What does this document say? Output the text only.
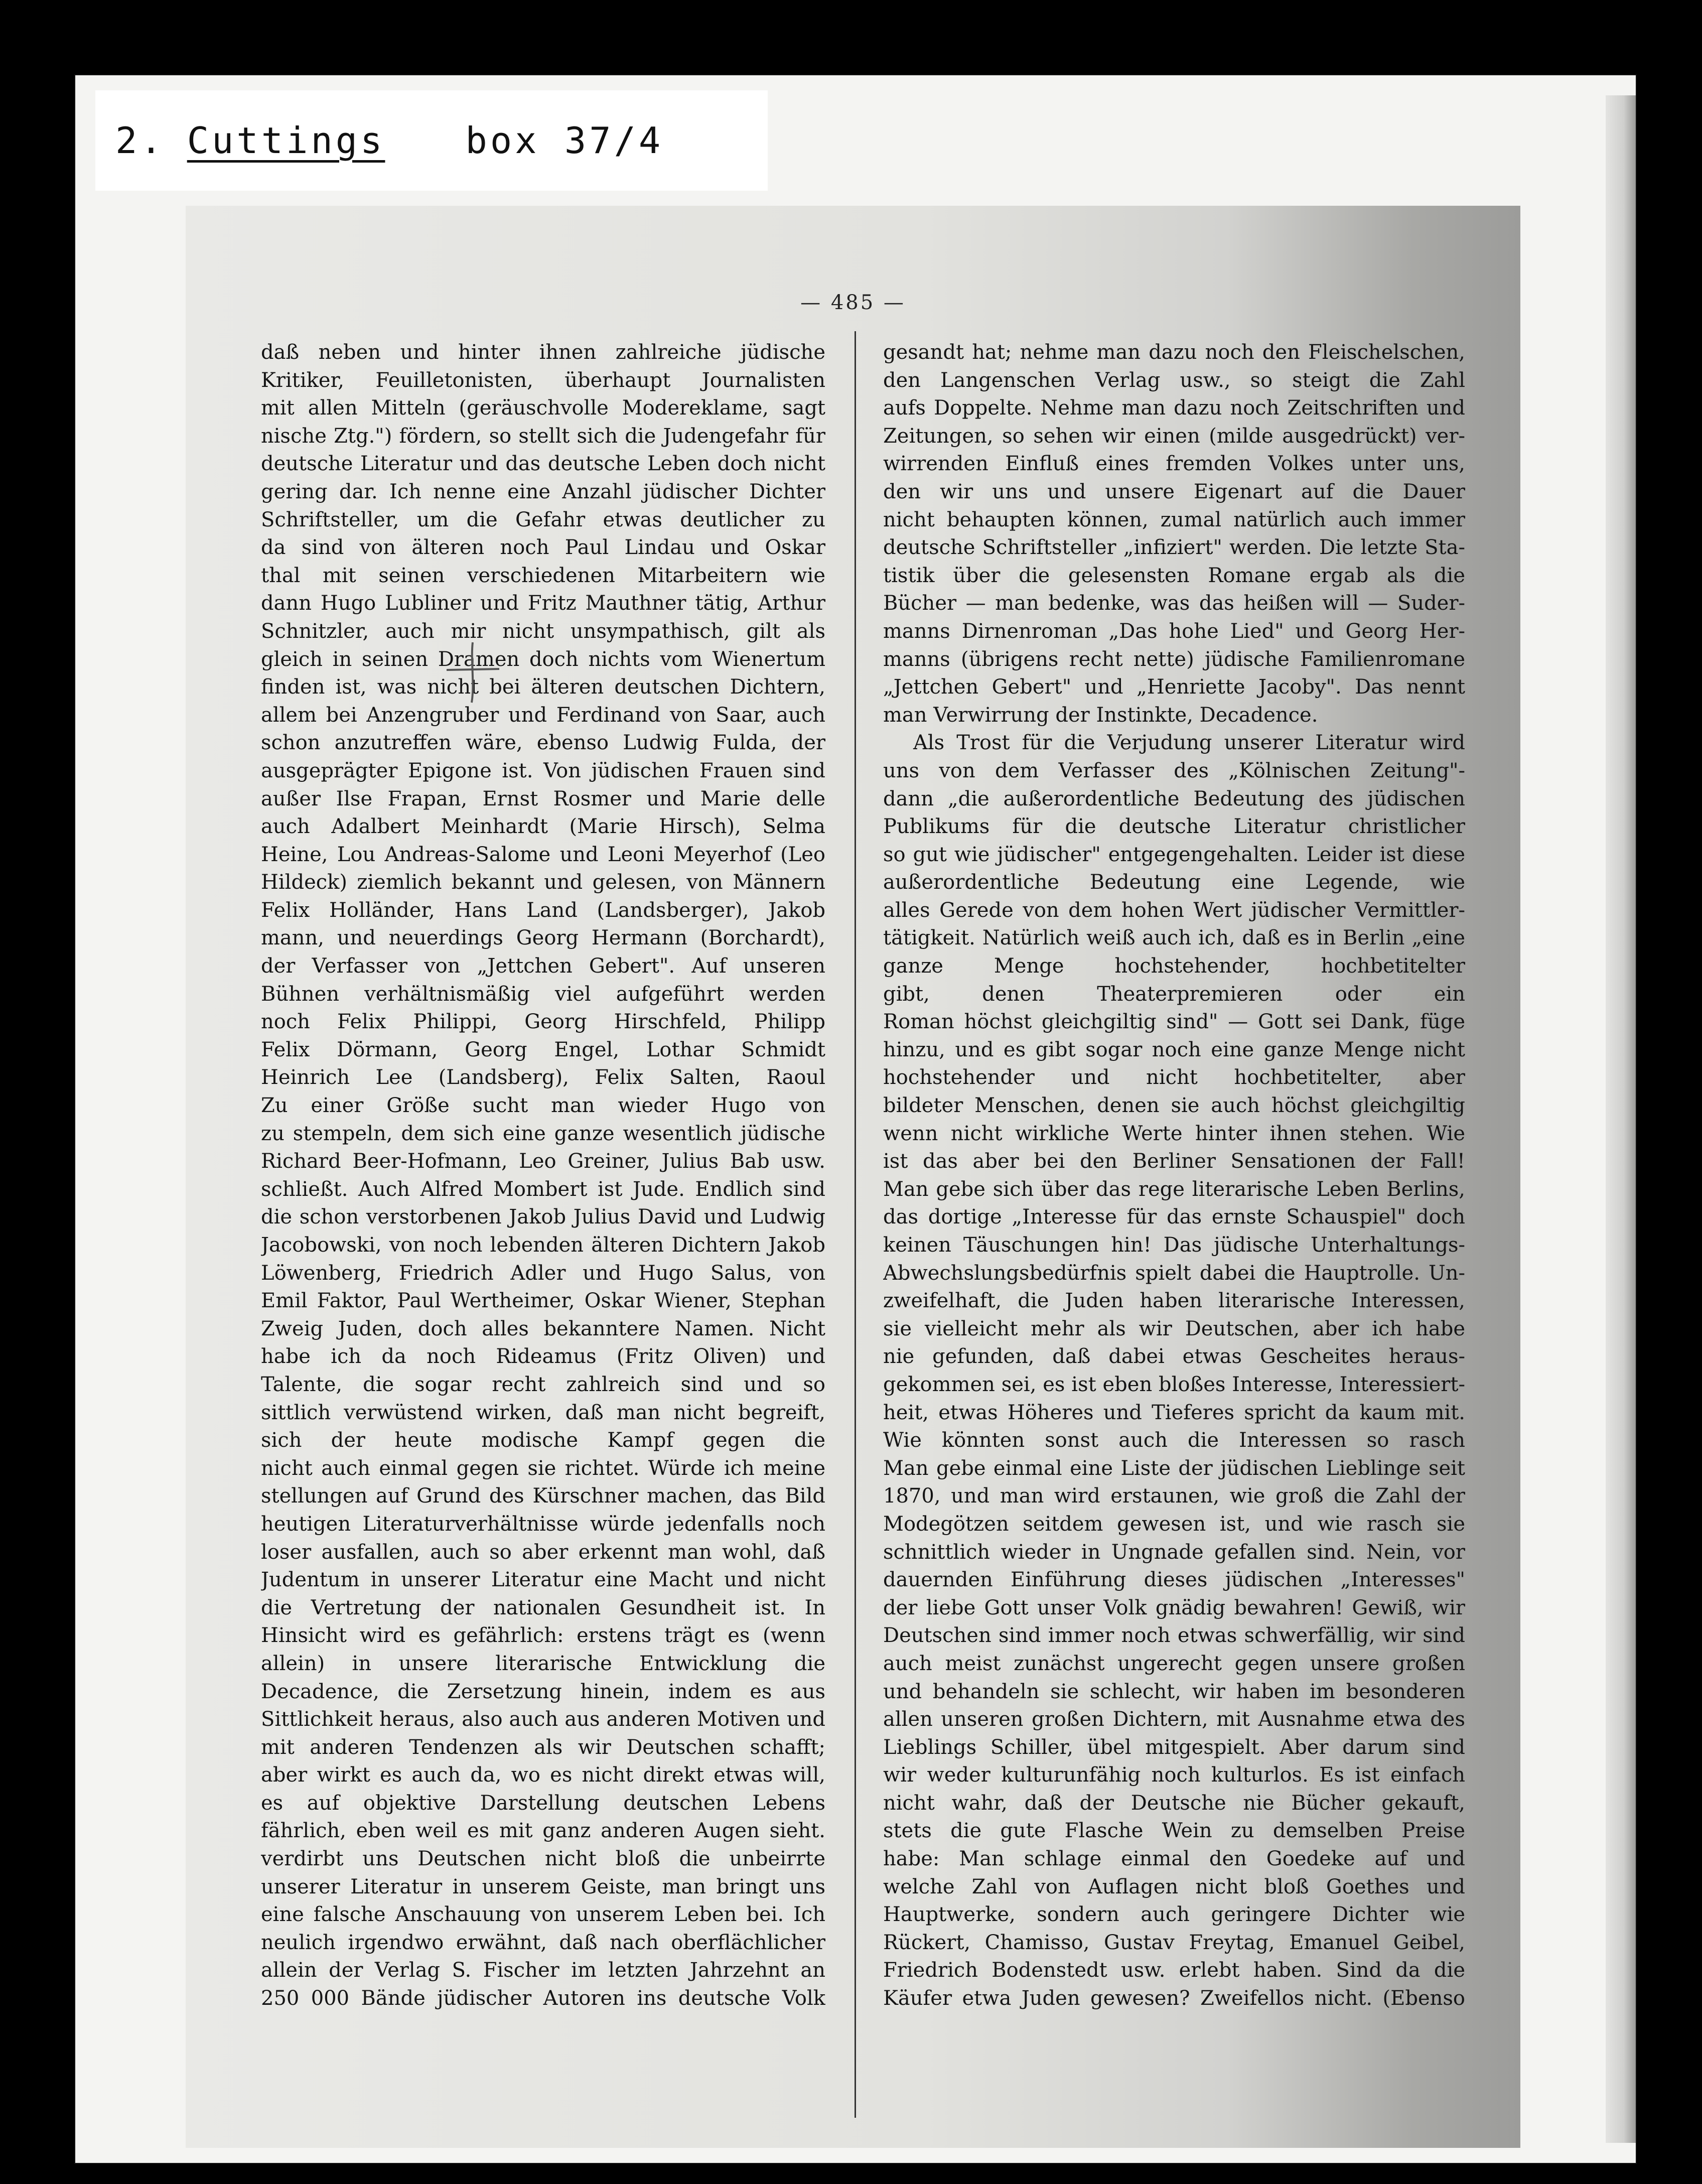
2. Cuttings box 37/4
— 485 —
daß neben und hinter ihnen zahlreiche jüdische
Kritiker, Feuilletonisten, überhaupt Journalisten
mit allen Mitteln (geräuschvolle Modereklame, sagt
nische Ztg.") fördern, so stellt sich die Judengefahr für
deutsche Literatur und das deutsche Leben doch nicht
gering dar. Ich nenne eine Anzahl jüdischer Dichter
Schriftsteller, um die Gefahr etwas deutlicher zu
da sind von älteren noch Paul Lindau und Oskar
thal mit seinen verschiedenen Mitarbeitern wie
dann Hugo Lubliner und Fritz Mauthner tätig, Arthur
Schnitzler, auch mir nicht unsympathisch, gilt als
gleich in seinen Dramen doch nichts vom Wienertum
finden ist, was nicht bei älteren deutschen Dichtern,
allem bei Anzengruber und Ferdinand von Saar, auch
schon anzutreffen wäre, ebenso Ludwig Fulda, der
ausgeprägter Epigone ist. Von jüdischen Frauen sind
außer Ilse Frapan, Ernst Rosmer und Marie delle
auch Adalbert Meinhardt (Marie Hirsch), Selma
Heine, Lou Andreas-Salome und Leoni Meyerhof (Leo
Hildeck) ziemlich bekannt und gelesen, von Männern
Felix Holländer, Hans Land (Landsberger), Jakob
mann, und neuerdings Georg Hermann (Borchardt),
der Verfasser von „Jettchen Gebert". Auf unseren
Bühnen verhältnismäßig viel aufgeführt werden
noch Felix Philippi, Georg Hirschfeld, Philipp
Felix Dörmann, Georg Engel, Lothar Schmidt
Heinrich Lee (Landsberg), Felix Salten, Raoul
Zu einer Größe sucht man wieder Hugo von
zu stempeln, dem sich eine ganze wesentlich jüdische
Richard Beer-Hofmann, Leo Greiner, Julius Bab usw.
schließt. Auch Alfred Mombert ist Jude. Endlich sind
die schon verstorbenen Jakob Julius David und Ludwig
Jacobowski, von noch lebenden älteren Dichtern Jakob
Löwenberg, Friedrich Adler und Hugo Salus, von
Emil Faktor, Paul Wertheimer, Oskar Wiener, Stephan
Zweig Juden, doch alles bekanntere Namen. Nicht
habe ich da noch Rideamus (Fritz Oliven) und
Talente, die sogar recht zahlreich sind und so
sittlich verwüstend wirken, daß man nicht begreift,
sich der heute modische Kampf gegen die
nicht auch einmal gegen sie richtet. Würde ich meine
stellungen auf Grund des Kürschner machen, das Bild
heutigen Literaturverhältnisse würde jedenfalls noch
loser ausfallen, auch so aber erkennt man wohl, daß
Judentum in unserer Literatur eine Macht und nicht
die Vertretung der nationalen Gesundheit ist. In
Hinsicht wird es gefährlich: erstens trägt es (wenn
allein) in unsere literarische Entwicklung die
Decadence, die Zersetzung hinein, indem es aus
Sittlichkeit heraus, also auch aus anderen Motiven und
mit anderen Tendenzen als wir Deutschen schafft;
aber wirkt es auch da, wo es nicht direkt etwas will,
es auf objektive Darstellung deutschen Lebens
fährlich, eben weil es mit ganz anderen Augen sieht.
verdirbt uns Deutschen nicht bloß die unbeirrte
unserer Literatur in unserem Geiste, man bringt uns
eine falsche Anschauung von unserem Leben bei. Ich
neulich irgendwo erwähnt, daß nach oberflächlicher
allein der Verlag S. Fischer im letzten Jahrzehnt an
250 000 Bände jüdischer Autoren ins deutsche Volk
gesandt hat; nehme man dazu noch den Fleischelschen,
den Langenschen Verlag usw., so steigt die Zahl
aufs Doppelte. Nehme man dazu noch Zeitschriften und
Zeitungen, so sehen wir einen (milde ausgedrückt) ver-
wirrenden Einfluß eines fremden Volkes unter uns,
den wir uns und unsere Eigenart auf die Dauer
nicht behaupten können, zumal natürlich auch immer
deutsche Schriftsteller „infiziert" werden. Die letzte Sta-
tistik über die gelesensten Romane ergab als die
Bücher — man bedenke, was das heißen will — Suder-
manns Dirnenroman „Das hohe Lied" und Georg Her-
manns (übrigens recht nette) jüdische Familienromane
„Jettchen Gebert" und „Henriette Jacoby". Das nennt
man Verwirrung der Instinkte, Decadence.
Als Trost für die Verjudung unserer Literatur wird
uns von dem Verfasser des „Kölnischen Zeitung"-
dann „die außerordentliche Bedeutung des jüdischen
Publikums für die deutsche Literatur christlicher
so gut wie jüdischer" entgegengehalten. Leider ist diese
außerordentliche Bedeutung eine Legende, wie
alles Gerede von dem hohen Wert jüdischer Vermittler-
tätigkeit. Natürlich weiß auch ich, daß es in Berlin „eine
ganze Menge hochstehender, hochbetitelter
gibt, denen Theaterpremieren oder ein
Roman höchst gleichgiltig sind" — Gott sei Dank, füge
hinzu, und es gibt sogar noch eine ganze Menge nicht
hochstehender und nicht hochbetitelter, aber
bildeter Menschen, denen sie auch höchst gleichgiltig
wenn nicht wirkliche Werte hinter ihnen stehen. Wie
ist das aber bei den Berliner Sensationen der Fall!
Man gebe sich über das rege literarische Leben Berlins,
das dortige „Interesse für das ernste Schauspiel" doch
keinen Täuschungen hin! Das jüdische Unterhaltungs-
Abwechslungsbedürfnis spielt dabei die Hauptrolle. Un-
zweifelhaft, die Juden haben literarische Interessen,
sie vielleicht mehr als wir Deutschen, aber ich habe
nie gefunden, daß dabei etwas Gescheites heraus-
gekommen sei, es ist eben bloßes Interesse, Interessiert-
heit, etwas Höheres und Tieferes spricht da kaum mit.
Wie könnten sonst auch die Interessen so rasch
Man gebe einmal eine Liste der jüdischen Lieblinge seit
1870, und man wird erstaunen, wie groß die Zahl der
Modegötzen seitdem gewesen ist, und wie rasch sie
schnittlich wieder in Ungnade gefallen sind. Nein, vor
dauernden Einführung dieses jüdischen „Interesses"
der liebe Gott unser Volk gnädig bewahren! Gewiß, wir
Deutschen sind immer noch etwas schwerfällig, wir sind
auch meist zunächst ungerecht gegen unsere großen
und behandeln sie schlecht, wir haben im besonderen
allen unseren großen Dichtern, mit Ausnahme etwa des
Lieblings Schiller, übel mitgespielt. Aber darum sind
wir weder kulturunfähig noch kulturlos. Es ist einfach
nicht wahr, daß der Deutsche nie Bücher gekauft,
stets die gute Flasche Wein zu demselben Preise
habe: Man schlage einmal den Goedeke auf und
welche Zahl von Auflagen nicht bloß Goethes und
Hauptwerke, sondern auch geringere Dichter wie
Rückert, Chamisso, Gustav Freytag, Emanuel Geibel,
Friedrich Bodenstedt usw. erlebt haben. Sind da die
Käufer etwa Juden gewesen? Zweifellos nicht. (Ebenso
